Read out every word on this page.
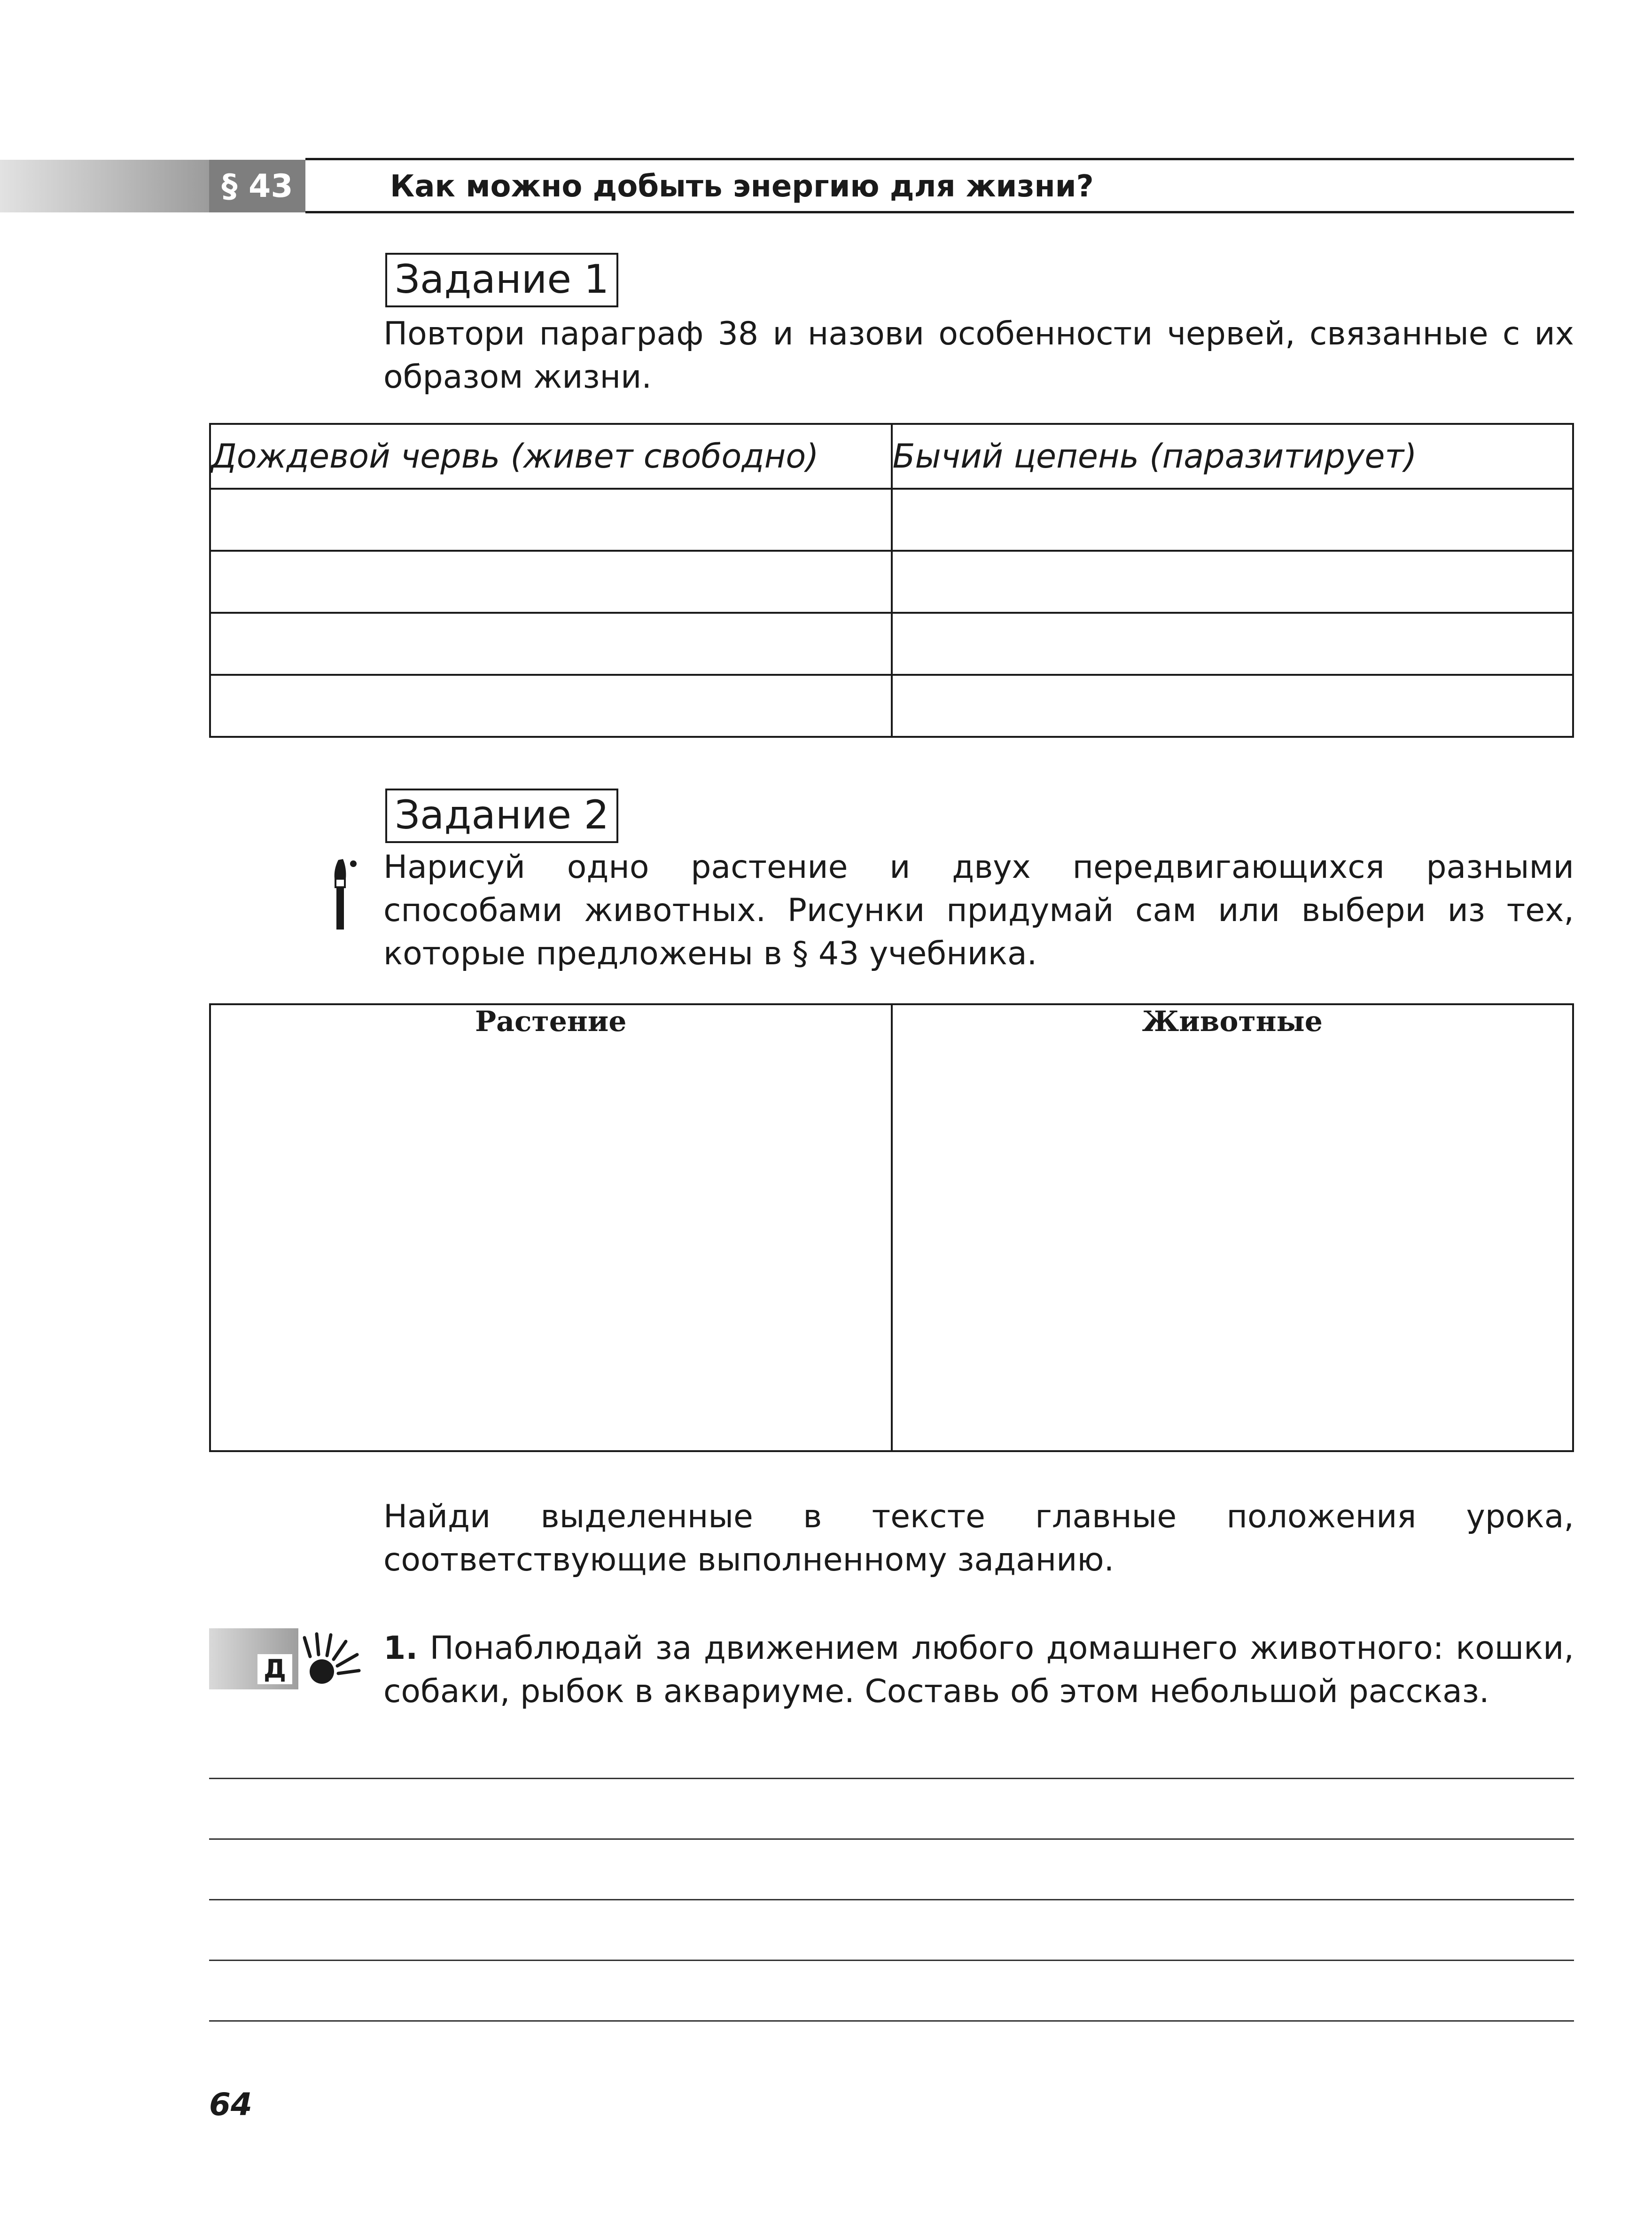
§ 43	Как можно добыть энергию для жизни?
Задание 1
Повтори параграф 38 и назови особенности червей, связанные с их образом жизни.
Дождевой червь (живет свободно)	Бычий цепень (паразитирует)

Задание 2
Нарисуй одно растение и двух передвигающихся разными способами животных. Рисунки придумай сам или выбери из тех, которые предложены в § 43 учебника.
Растение	Животные
Найди выделенные в тексте главные положения урока, соответствующие выполненному заданию.
Д
1. Понаблюдай за движением любого домашнего животного: кошки, собаки, рыбок в аквариуме. Составь об этом небольшой рассказ.
64
